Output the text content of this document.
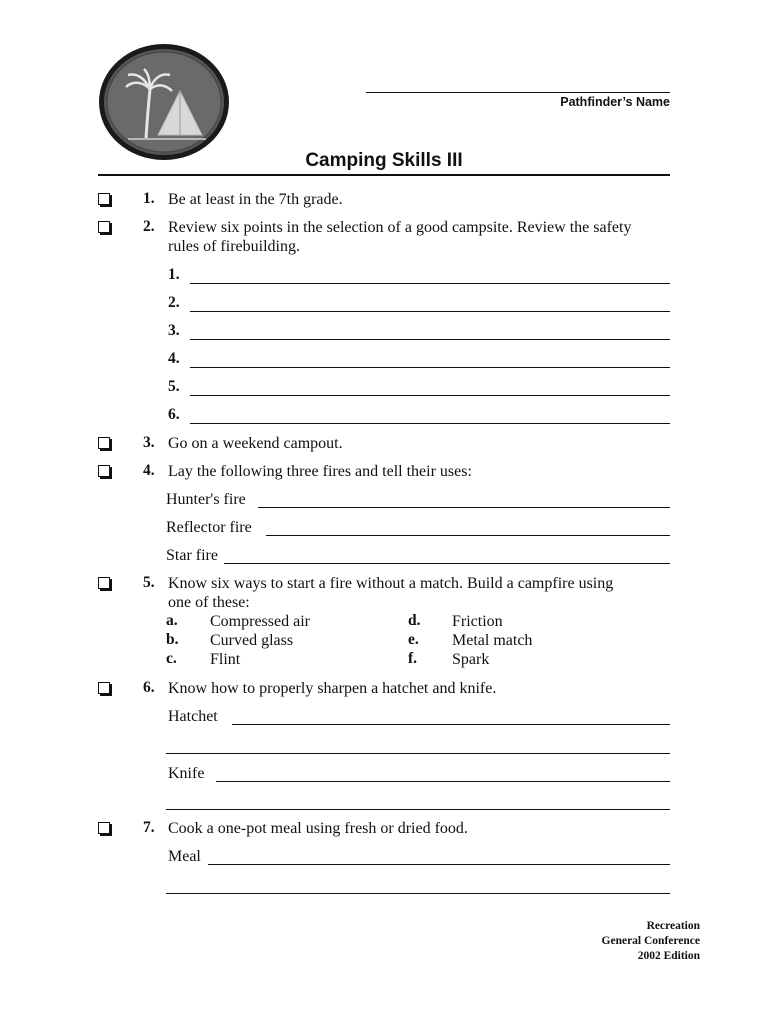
Pathfinder’s Name
Camping Skills III
1. Be at least in the 7th grade.
2. Review six points in the selection of a good campsite. Review the safety
rules of firebuilding.
1.
2.
3.
4.
5.
6.
3. Go on a weekend campout.
4. Lay the following three fires and tell their uses:
Hunter's fire
Reflector fire
Star fire
5. Know six ways to start a fire without a match. Build a campfire using
one of these:
a. Compressed air
b. Curved glass
c. Flint
d. Friction
e. Metal match
f. Spark
6. Know how to properly sharpen a hatchet and knife.
Hatchet
Knife
7. Cook a one-pot meal using fresh or dried food.
Meal
Recreation
General Conference
2002 Edition
